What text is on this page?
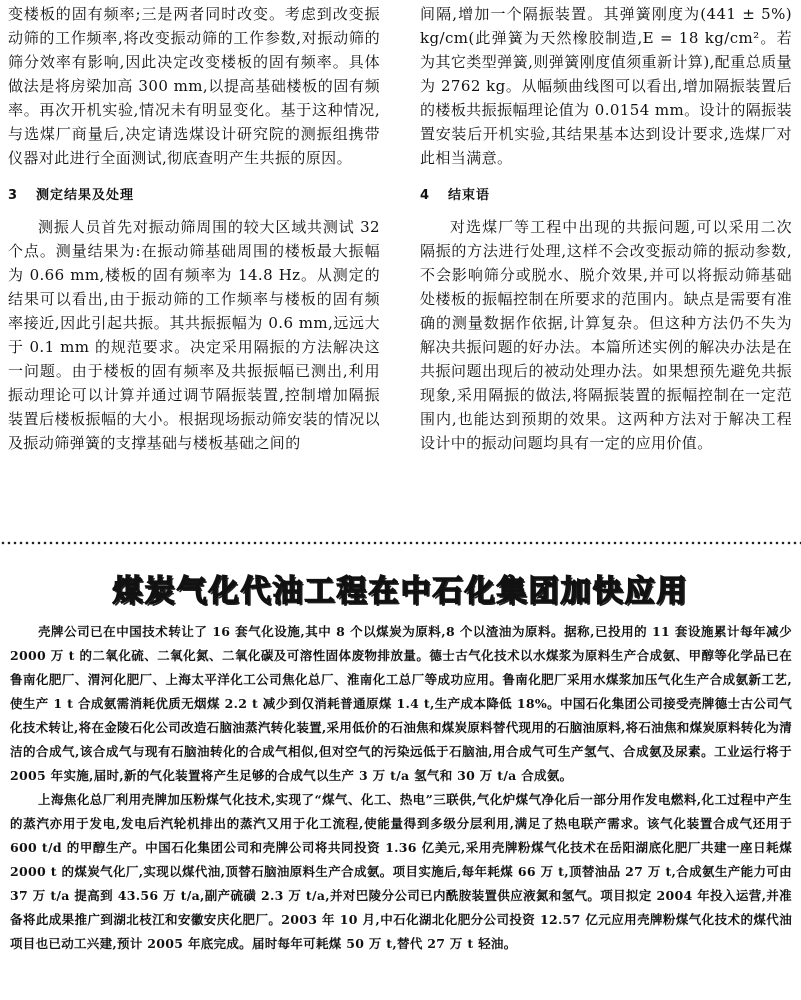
变楼板的固有频率;三是两者同时改变。考虑到改变振动筛的工作频率,将改变振动筛的工作参数,对振动筛的筛分效率有影响,因此决定改变楼板的固有频率。具体做法是将房梁加高 300 mm,以提高基础楼板的固有频率。再次开机实验,情况未有明显变化。基于这种情况,与选煤厂商量后,决定请选煤设计研究院的测振组携带仪器对此进行全面测试,彻底查明产生共振的原因。

3 测定结果及处理

测振人员首先对振动筛周围的较大区域共测试 32 个点。测量结果为:在振动筛基础周围的楼板最大振幅为 0.66 mm,楼板的固有频率为 14.8 Hz。从测定的结果可以看出,由于振动筛的工作频率与楼板的固有频率接近,因此引起共振。其共振振幅为 0.6 mm,远远大于 0.1 mm 的规范要求。决定采用隔振的方法解决这一问题。由于楼板的固有频率及共振振幅已测出,利用振动理论可以计算并通过调节隔振装置,控制增加隔振装置后楼板振幅的大小。根据现场振动筛安装的情况以及振动筛弹簧的支撑基础与楼板基础之间的

间隔,增加一个隔振装置。其弹簧刚度为(441 ± 5%) kg/cm(此弹簧为天然橡胶制造,E = 18 kg/cm²。若为其它类型弹簧,则弹簧刚度值须重新计算),配重总质量为 2762 kg。从幅频曲线图可以看出,增加隔振装置后的楼板共振振幅理论值为 0.0154 mm。设计的隔振装置安装后开机实验,其结果基本达到设计要求,选煤厂对此相当满意。

4 结束语

对选煤厂等工程中出现的共振问题,可以采用二次隔振的方法进行处理,这样不会改变振动筛的振动参数,不会影响筛分或脱水、脱介效果,并可以将振动筛基础处楼板的振幅控制在所要求的范围内。缺点是需要有准确的测量数据作依据,计算复杂。但这种方法仍不失为解决共振问题的好办法。本篇所述实例的解决办法是在共振问题出现后的被动处理办法。如果想预先避免共振现象,采用隔振的做法,将隔振装置的振幅控制在一定范围内,也能达到预期的效果。这两种方法对于解决工程设计中的振动问题均具有一定的应用价值。

煤炭气化代油工程在中石化集团加快应用

壳牌公司已在中国技术转让了 16 套气化设施,其中 8 个以煤炭为原料,8 个以渣油为原料。据称,已投用的 11 套设施累计每年减少 2000 万 t 的二氧化硫、二氧化氮、二氧化碳及可溶性固体废物排放量。德士古气化技术以水煤浆为原料生产合成氨、甲醇等化学品已在鲁南化肥厂、渭河化肥厂、上海太平洋化工公司焦化总厂、淮南化工总厂等成功应用。鲁南化肥厂采用水煤浆加压气化生产合成氨新工艺,使生产 1 t 合成氨需消耗优质无烟煤 2.2 t 减少到仅消耗普通原煤 1.4 t,生产成本降低 18%。中国石化集团公司接受壳牌德士古公司气化技术转让,将在金陵石化公司改造石脑油蒸汽转化装置,采用低价的石油焦和煤炭原料替代现用的石脑油原料,将石油焦和煤炭原料转化为清洁的合成气,该合成气与现有石脑油转化的合成气相似,但对空气的污染远低于石脑油,用合成气可生产氢气、合成氨及尿素。工业运行将于 2005 年实施,届时,新的气化装置将产生足够的合成气以生产 3 万 t/a 氢气和 30 万 t/a 合成氨。

上海焦化总厂利用壳牌加压粉煤气化技术,实现了“煤气、化工、热电”三联供,气化炉煤气净化后一部分用作发电燃料,化工过程中产生的蒸汽亦用于发电,发电后汽轮机排出的蒸汽又用于化工流程,使能量得到多级分层利用,满足了热电联产需求。该气化装置合成气还用于 600 t/d 的甲醇生产。中国石化集团公司和壳牌公司将共同投资 1.36 亿美元,采用壳牌粉煤气化技术在岳阳湖底化肥厂共建一座日耗煤 2000 t 的煤炭气化厂,实现以煤代油,顶替石脑油原料生产合成氨。项目实施后,每年耗煤 66 万 t,顶替油品 27 万 t,合成氨生产能力可由 37 万 t/a 提高到 43.56 万 t/a,副产硫磺 2.3 万 t/a,并对巴陵分公司已内酰胺装置供应液氮和氢气。项目拟定 2004 年投入运营,并准备将此成果推广到湖北枝江和安徽安庆化肥厂。2003 年 10 月,中石化湖北化肥分公司投资 12.57 亿元应用壳牌粉煤气化技术的煤代油项目也已动工兴建,预计 2005 年底完成。届时每年可耗煤 50 万 t,替代 27 万 t 轻油。
